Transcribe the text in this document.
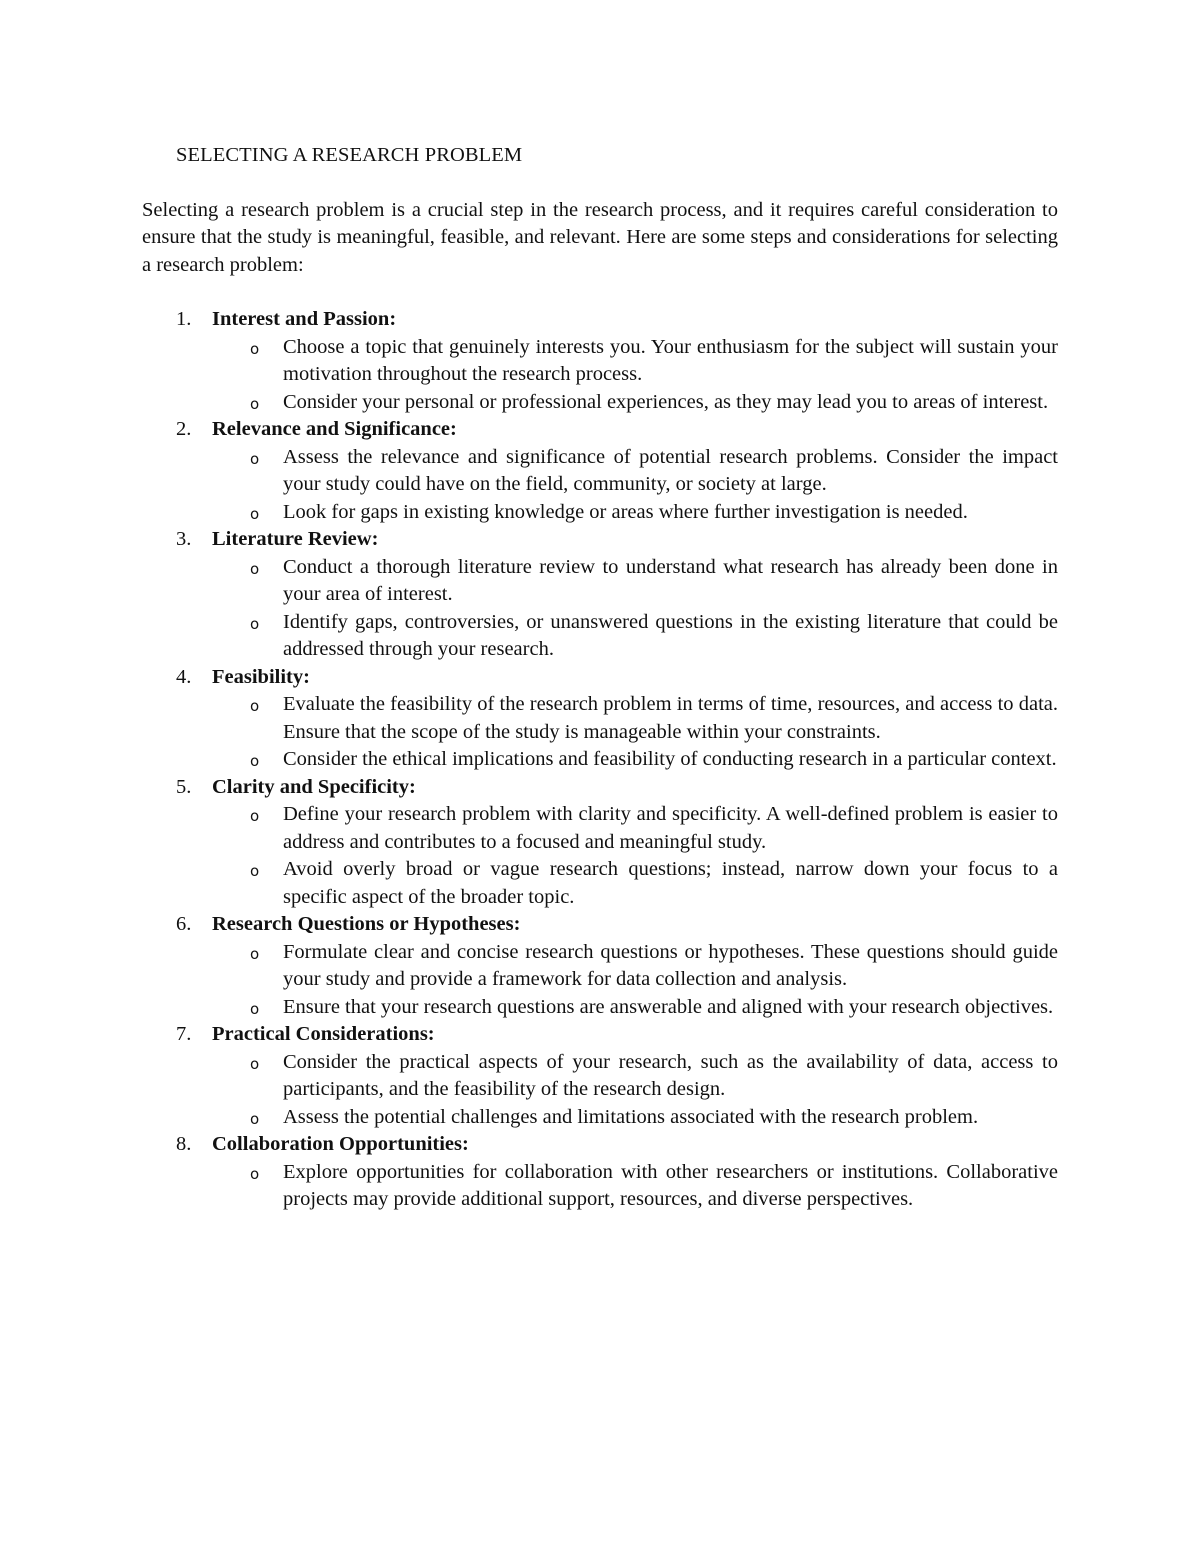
SELECTING A RESEARCH PROBLEM

Selecting a research problem is a crucial step in the research process, and it requires careful consideration to ensure that the study is meaningful, feasible, and relevant. Here are some steps and considerations for selecting a research problem:

1. Interest and Passion:
o Choose a topic that genuinely interests you. Your enthusiasm for the subject will sustain your motivation throughout the research process.
o Consider your personal or professional experiences, as they may lead you to areas of interest.
2. Relevance and Significance:
o Assess the relevance and significance of potential research problems. Consider the impact your study could have on the field, community, or society at large.
o Look for gaps in existing knowledge or areas where further investigation is needed.
3. Literature Review:
o Conduct a thorough literature review to understand what research has already been done in your area of interest.
o Identify gaps, controversies, or unanswered questions in the existing literature that could be addressed through your research.
4. Feasibility:
o Evaluate the feasibility of the research problem in terms of time, resources, and access to data. Ensure that the scope of the study is manageable within your constraints.
o Consider the ethical implications and feasibility of conducting research in a particular context.
5. Clarity and Specificity:
o Define your research problem with clarity and specificity. A well-defined problem is easier to address and contributes to a focused and meaningful study.
o Avoid overly broad or vague research questions; instead, narrow down your focus to a specific aspect of the broader topic.
6. Research Questions or Hypotheses:
o Formulate clear and concise research questions or hypotheses. These questions should guide your study and provide a framework for data collection and analysis.
o Ensure that your research questions are answerable and aligned with your research objectives.
7. Practical Considerations:
o Consider the practical aspects of your research, such as the availability of data, access to participants, and the feasibility of the research design.
o Assess the potential challenges and limitations associated with the research problem.
8. Collaboration Opportunities:
o Explore opportunities for collaboration with other researchers or institutions. Collaborative projects may provide additional support, resources, and diverse perspectives.
